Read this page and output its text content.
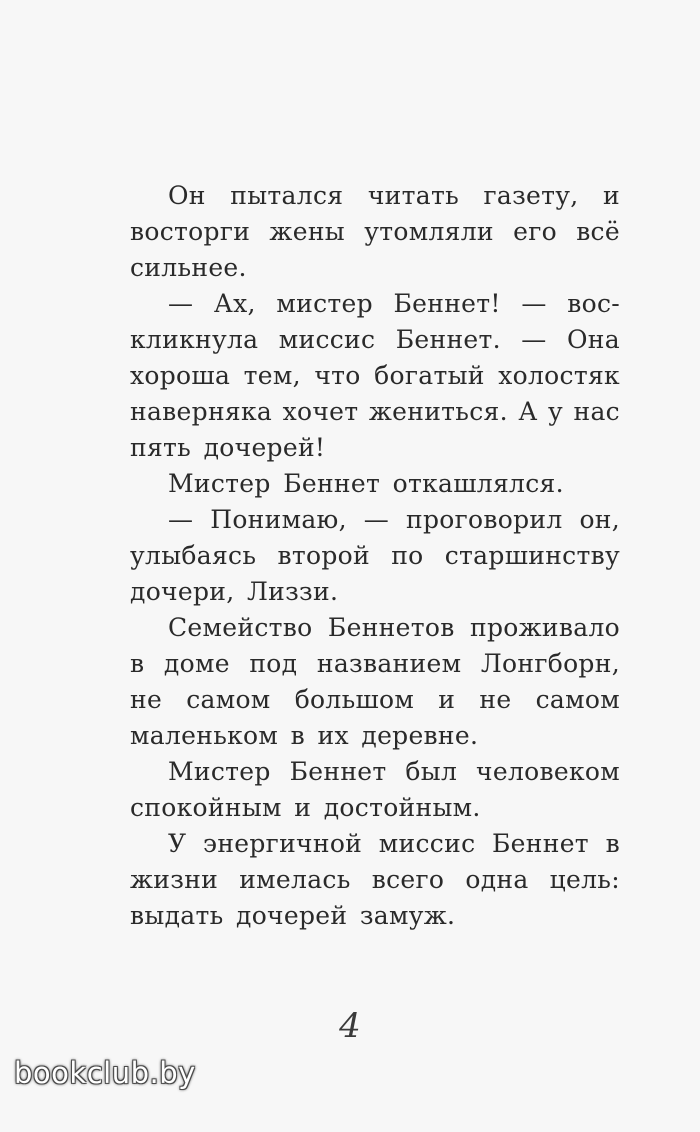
Он пытался читать газету, и
восторги жены утомляли его всё
сильнее.
— Ах, мистер Беннет! — вос-
кликнула миссис Беннет. — Она
хороша тем, что богатый холостяк
наверняка хочет жениться. А у нас
пять дочерей!
Мистер Беннет откашлялся.
— Понимаю, — проговорил он,
улыбаясь второй по старшинству
дочери, Лиззи.
Семейство Беннетов проживало
в доме под названием Лонгборн,
не самом большом и не самом
маленьком в их деревне.
Мистер Беннет был человеком
спокойным и достойным.
У энергичной миссис Беннет в
жизни имелась всего одна цель:
выдать дочерей замуж.
4
bookclub.by
